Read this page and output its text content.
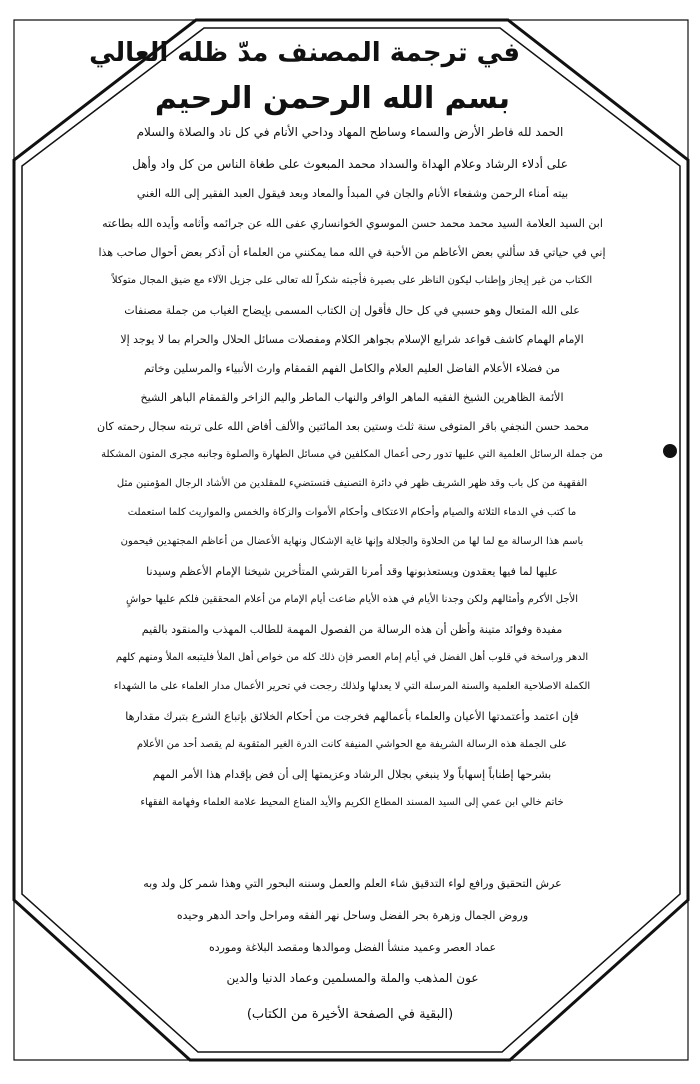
في ترجمة المصنف مدّ ظله العالي
بسم الله الرحمن الرحيم
الحمد لله فاطر الأرض والسماء وساطح المهاد وداحي الأنام في كل ناد والصلاة والسلام
على أدلاء الرشاد وعلام الهداة والسداد محمد المبعوث على طغاة الناس من كل واد وأهل
بيته أمناء الرحمن وشفعاء الأنام والجان في المبدأ والمعاد وبعد فيقول العبد الفقير إلى الله الغني
ابن السيد العلامة السيد محمد محمد حسن الموسوي الخوانساري عفى الله عن جرائمه وأثامه وأيده الله بطاعته
إني في حياتي قد سألني بعض الأعاظم من الأحبة في الله مما يمكنني من العلماء أن أذكر بعض أحوال صاحب هذا
الكتاب من غير إيجاز وإطناب ليكون الناظر على بصيرة فأجبته شكراً لله تعالى على جزيل الآلاء مع ضيق المجال متوكلاً
على الله المتعال وهو حسبي في كل حال فأقول إن الكتاب المسمى بإيضاح الغياب من جملة مصنفات
الإمام الهمام كاشف قواعد شرايع الإسلام بجواهر الكلام ومفصلات مسائل الحلال والحرام بما لا يوجد إلا
من فضلاء الأعلام الفاضل العليم العلام والكامل الفهم القمقام وارث الأنبياء والمرسلين وخاتم
الأئمة الظاهرين الشيخ الفقيه الماهر الوافر والنهاب الماطر واليم الزاخر والقمقام الباهر الشيخ
محمد حسن النجفي باقر المتوفى سنة ثلث وستين بعد المائتين والألف أفاض الله على تربته سجال رحمته كان
من جملة الرسائل العلمية التي عليها تدور رحى أعمال المكلفين في مسائل الطهارة والصلوة وجانبه مجرى المتون المشكلة
الفقهية من كل باب وقد ظهر الشريف ظهر في دائرة التصنيف فتستضيء للمقلدين من الأشاد الرجال المؤمنين مثل
ما كتب في الدماء الثلاثة والصيام وأحكام الاعتكاف وأحكام الأموات والزكاة والخمس والمواريث كلما استعملت
باسم هذا الرسالة مع لما لها من الحلاوة والجلالة وإنها غاية الإشكال ونهاية الأعضال من أعاظم المجتهدين فيحمون
عليها لما فيها يعقدون ويستعذبونها وقد أمرنا القرشي المتأخرين شيخنا الإمام الأعظم وسيدنا
الأجل الأكرم وأمثالهم ولكن وجدنا الأيام في هذه الأيام ضاعت أيام الإمام من أعلام المحققين فلكم عليها حواشٍ
مفيدة وفوائد متينة وأظن أن هذه الرسالة من الفصول المهمة للطالب المهذب والمنقود بالقيم
الدهر وراسخة في قلوب أهل الفضل في أيام إمام العصر فإن ذلك كله من خواص أهل الملأ فليتبعه الملأ ومنهم كلهم
الكملة الاصلاحية العلمية والسنة المرسلة التي لا يعدلها ولذلك رجحت في تحرير الأعمال مدار العلماء على ما الشهداء
فإن اعتمد وأعتمدتها الأعيان والعلماء بأعمالهم فخرجت من أحكام الخلائق بإتباع الشرع بتبرك مقدارها
على الجملة هذه الرسالة الشريفة مع الحواشي المنيفة كانت الدرة الغير المثقوبة لم يقصد أحد من الأعلام
بشرحها إطناباً إسهاباً ولا ينبغي بجلال الرشاد وعزيمتها إلى أن فض بإقدام هذا الأمر المهم
خاتم خالي ابن عمي إلى السيد المسند المطاع الكريم والأيد المناع المحيط علامة العلماء وفهامة الفقهاء
عرش التحقيق ورافع لواء التدقيق شاء العلم والعمل وسننه البحور التي وهذا شمر كل ولد وبه
وروض الجمال وزهرة بحر الفضل وساحل نهر الفقه ومراحل واحد الدهر وحيده
عماد العصر وعميد منشأ الفضل وموالدها ومقصد البلاغة ومورده
عون المذهب والملة والمسلمين وعماد الدنيا والدين
(البقية في الصفحة الأخيرة من الكتاب)
